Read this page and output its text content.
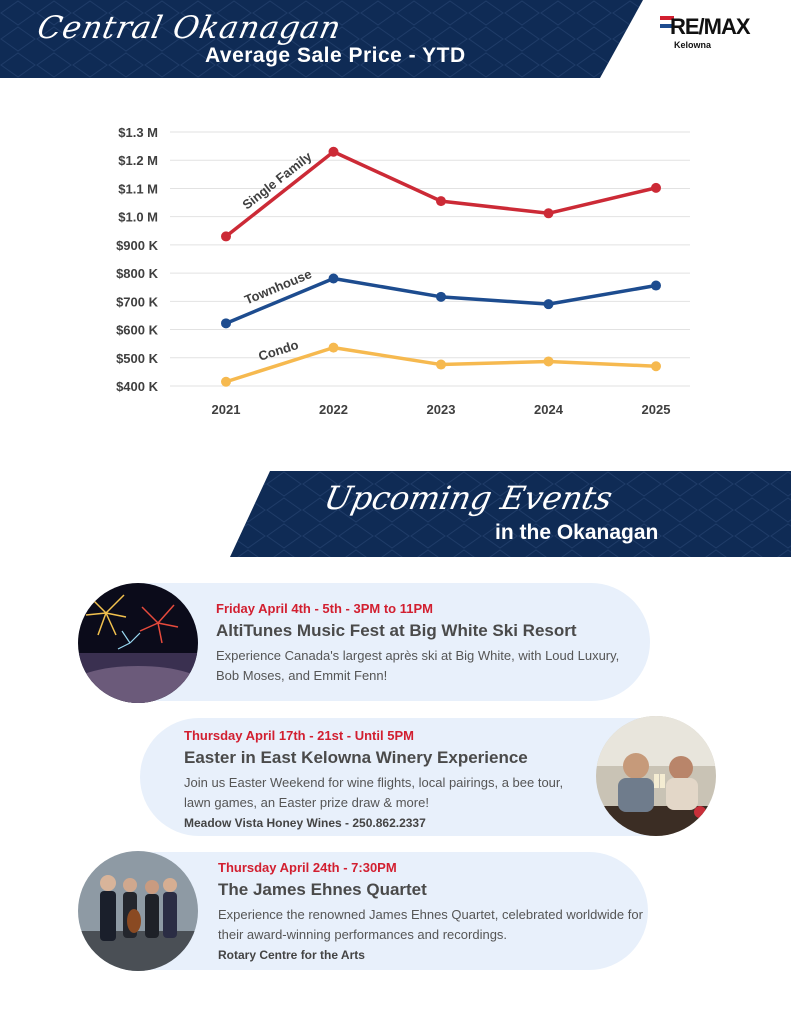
Central Okanagan
Average Sale Price - YTD
RE/MAX
Kelowna
$400 K
$500 K
$600 K
$700 K
$800 K
$900 K
$1.0 M
$1.1 M
$1.2 M
$1.3 M
2021	2022	2023	2024	2025
Single Family
Townhouse
Condo
Upcoming Events
in the Okanagan

Friday April 4th - 5th - 3PM to 11PM

AltiTunes Music Fest at Big White Ski Resort

Experience Canada's largest après ski at Big White, with Loud Luxury, Bob Moses, and Emmit Fenn!

Thursday April 17th - 21st - Until 5PM

Easter in East Kelowna Winery Experience

Join us Easter Weekend for wine flights, local pairings, a bee tour, lawn games, an Easter prize draw & more!

Meadow Vista Honey Wines - 250.862.2337

Thursday April 24th - 7:30PM

The James Ehnes Quartet

Experience the renowned James Ehnes Quartet, celebrated worldwide for their award-winning performances and recordings.

Rotary Centre for the Arts
